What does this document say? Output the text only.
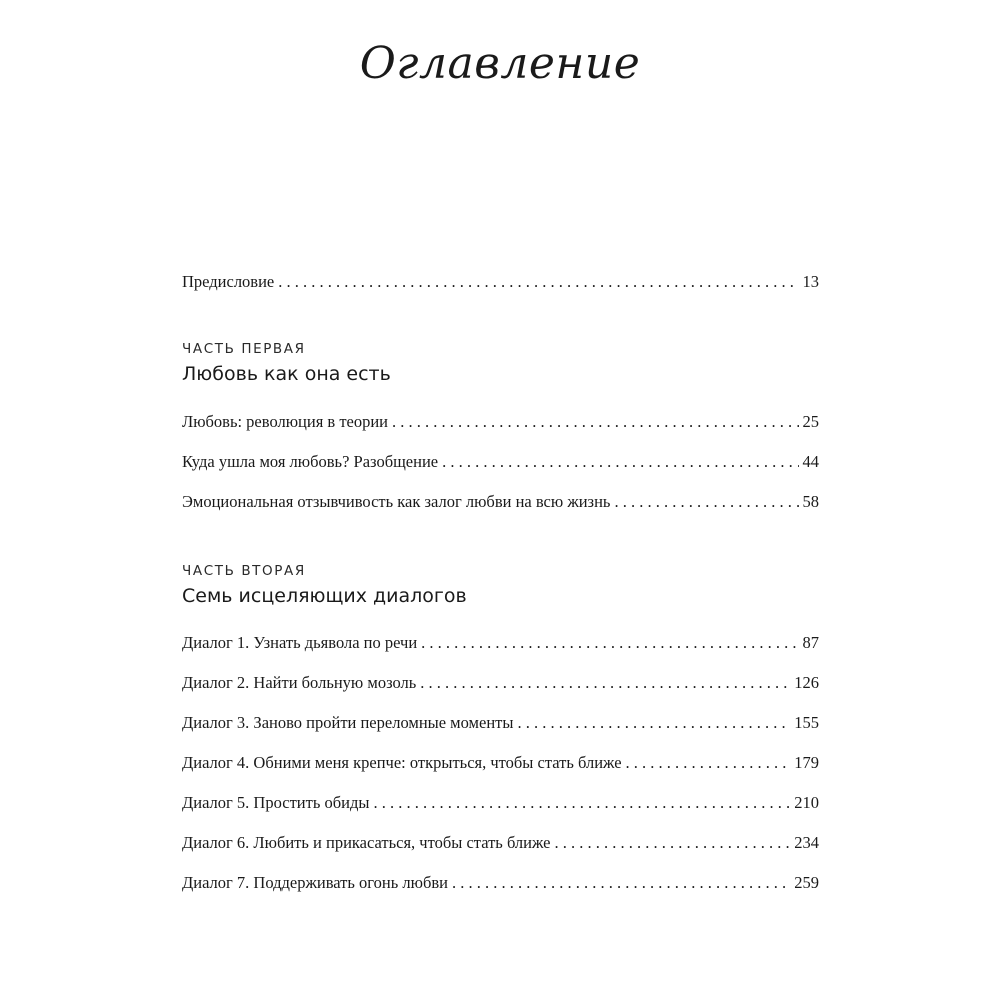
Оглавление
Предисловие . . .	13
ЧАСТЬ ПЕРВАЯ
Любовь как она есть
Любовь: революция в теории . . .	25
Куда ушла моя любовь? Разобщение . . .	44
Эмоциональная отзывчивость как залог любви на всю жизнь . . .	58
ЧАСТЬ ВТОРАЯ
Семь исцеляющих диалогов
Диалог 1. Узнать дьявола по речи . . .	87
Диалог 2. Найти больную мозоль . . .	126
Диалог 3. Заново пройти переломные моменты . . .	155
Диалог 4. Обними меня крепче: открыться, чтобы стать ближе . . .	179
Диалог 5. Простить обиды . . .	210
Диалог 6. Любить и прикасаться, чтобы стать ближе . . .	234
Диалог 7. Поддерживать огонь любви . . .	259
